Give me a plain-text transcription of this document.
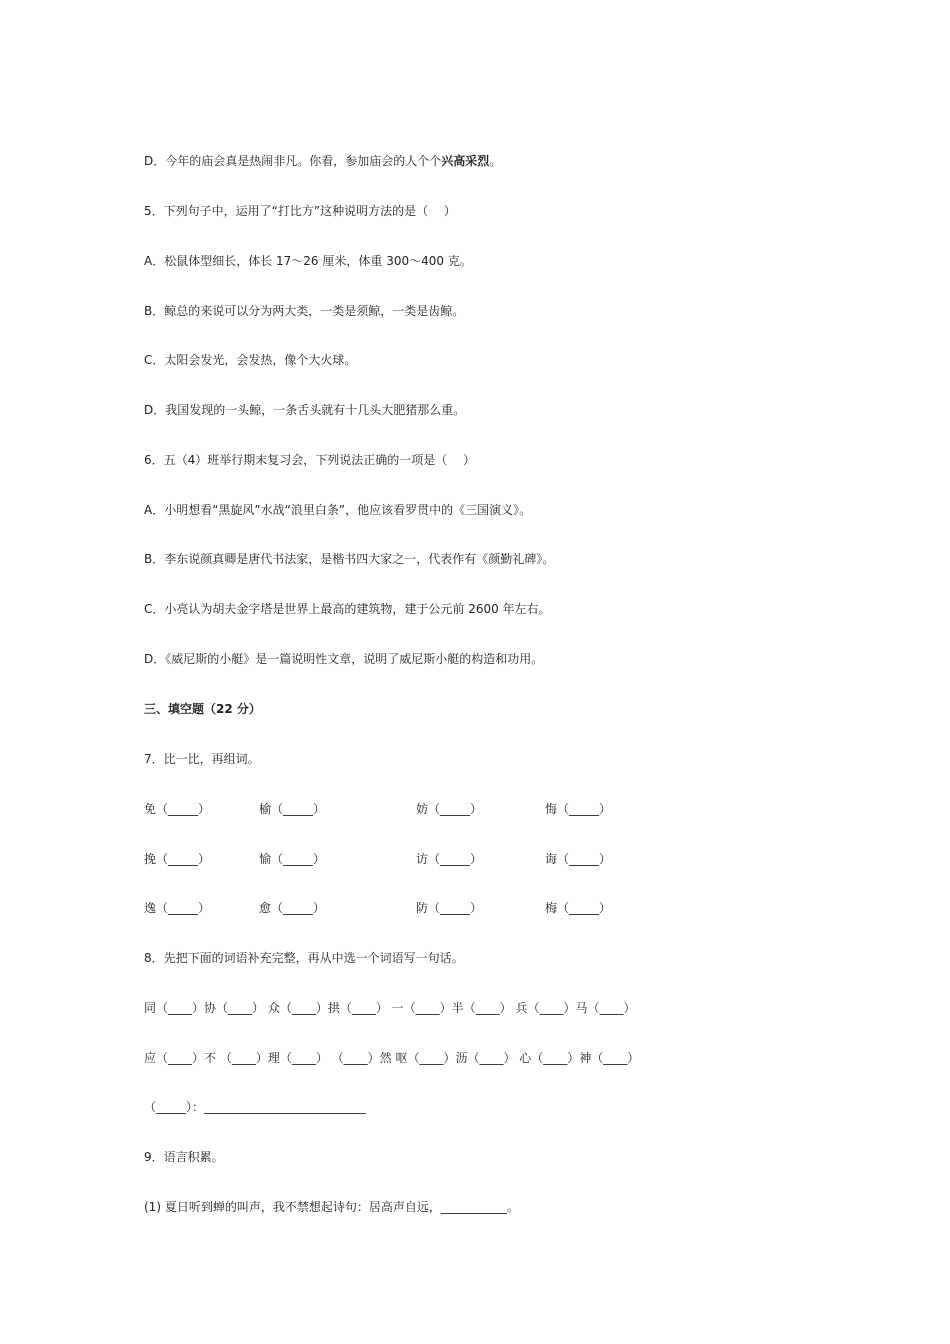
D．今年的庙会真是热闹非凡。你看，参加庙会的人个个兴高采烈。
5．下列句子中，运用了“打比方”这种说明方法的是（　 ）
A．松鼠体型细长，体长 17～26 厘米，体重 300～400 克。
B．鲸总的来说可以分为两大类，一类是须鲸，一类是齿鲸。
C．太阳会发光，会发热，像个大火球。
D．我国发现的一头鲸，一条舌头就有十几头大肥猪那么重。
6．五（4）班举行期末复习会，下列说法正确的一项是（　 ）
A．小明想看“黑旋风”水战“浪里白条”，他应该看罗贯中的《三国演义》。
B．李东说颜真卿是唐代书法家，是楷书四大家之一，代表作有《颜勤礼碑》。
C．小亮认为胡夫金字塔是世界上最高的建筑物，建于公元前 2600 年左右。
D．《威尼斯的小艇》是一篇说明性文章，说明了威尼斯小艇的构造和功用。
三、填空题（22 分）
7．比一比，再组词。
免（_____）	榆（_____）	妨（_____）	悔（_____）
挽（_____）	愉（_____）	访（_____）	诲（_____）
逸（_____）	愈（_____）	防（_____）	梅（_____）
8．先把下面的词语补充完整，再从中选一个词语写一句话。
同（____）协（____） 众（____）拱（____） 一（____）半（____） 兵（____）马（____）
应（____）不 （____）理（____） （____）然 呕（____）沥（____） 心（____）神（____）
（_____）：___________________________
9．语言积累。
(1) 夏日听到蝉的叫声，我不禁想起诗句：居高声自远，___________。
